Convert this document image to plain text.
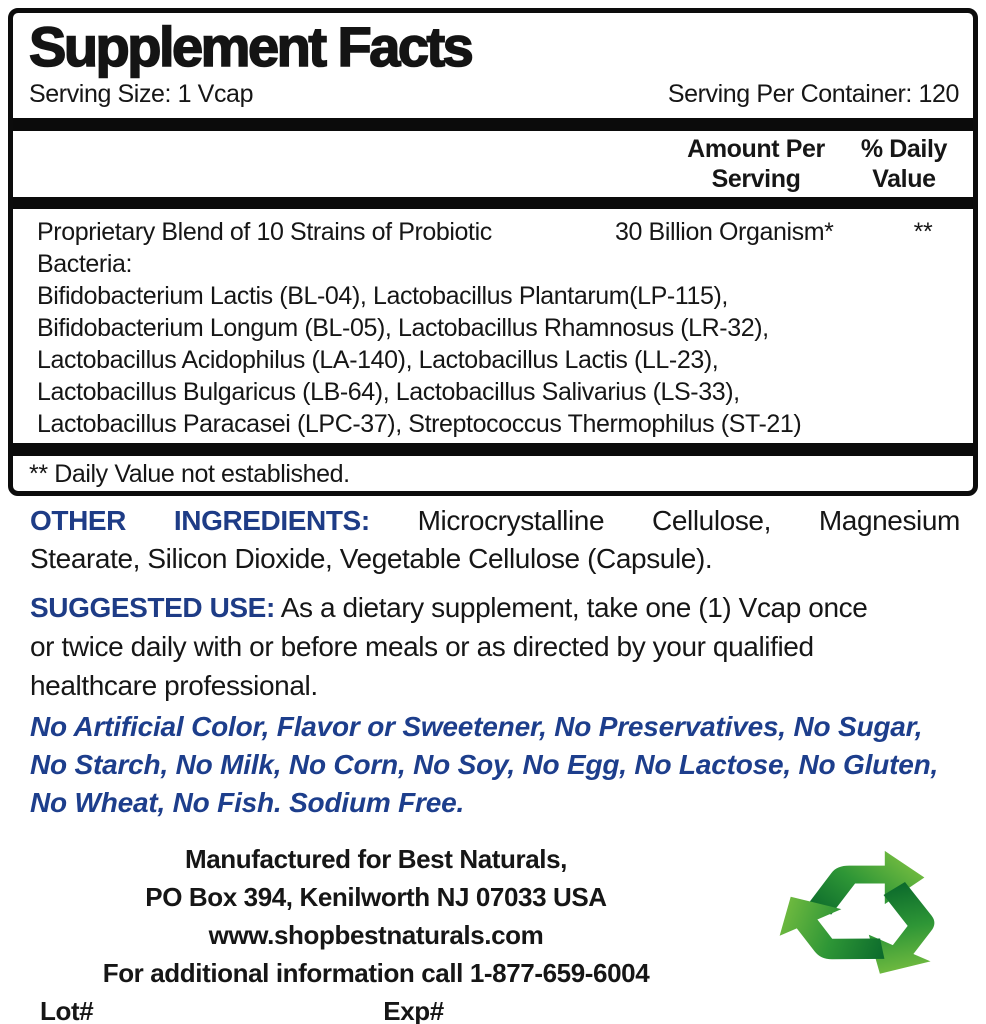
Supplement Facts
Serving Size: 1 Vcap	Serving Per Container: 120
Amount Per
Serving
% Daily
Value
Proprietary Blend of 10 Strains of Probiotic	30 Billion Organism*	**
Bacteria:
Bifidobacterium Lactis (BL-04), Lactobacillus Plantarum(LP-115),
Bifidobacterium Longum (BL-05), Lactobacillus Rhamnosus (LR-32),
Lactobacillus Acidophilus (LA-140), Lactobacillus Lactis (LL-23),
Lactobacillus Bulgaricus (LB-64), Lactobacillus Salivarius (LS-33),
Lactobacillus Paracasei (LPC-37), Streptococcus Thermophilus (ST-21)
** Daily Value not established.
OTHER INGREDIENTS: Microcrystalline Cellulose, Magnesium
Stearate, Silicon Dioxide, Vegetable Cellulose (Capsule).
SUGGESTED USE: As a dietary supplement, take one (1) Vcap once
or twice daily with or before meals or as directed by your qualified
healthcare professional.
No Artificial Color, Flavor or Sweetener, No Preservatives, No Sugar,
No Starch, No Milk, No Corn, No Soy, No Egg, No Lactose, No Gluten,
No Wheat, No Fish. Sodium Free.
Manufactured for Best Naturals,
PO Box 394, Kenilworth NJ 07033 USA
www.shopbestnaturals.com
For additional information call 1-877-659-6004
Lot#	Exp#
